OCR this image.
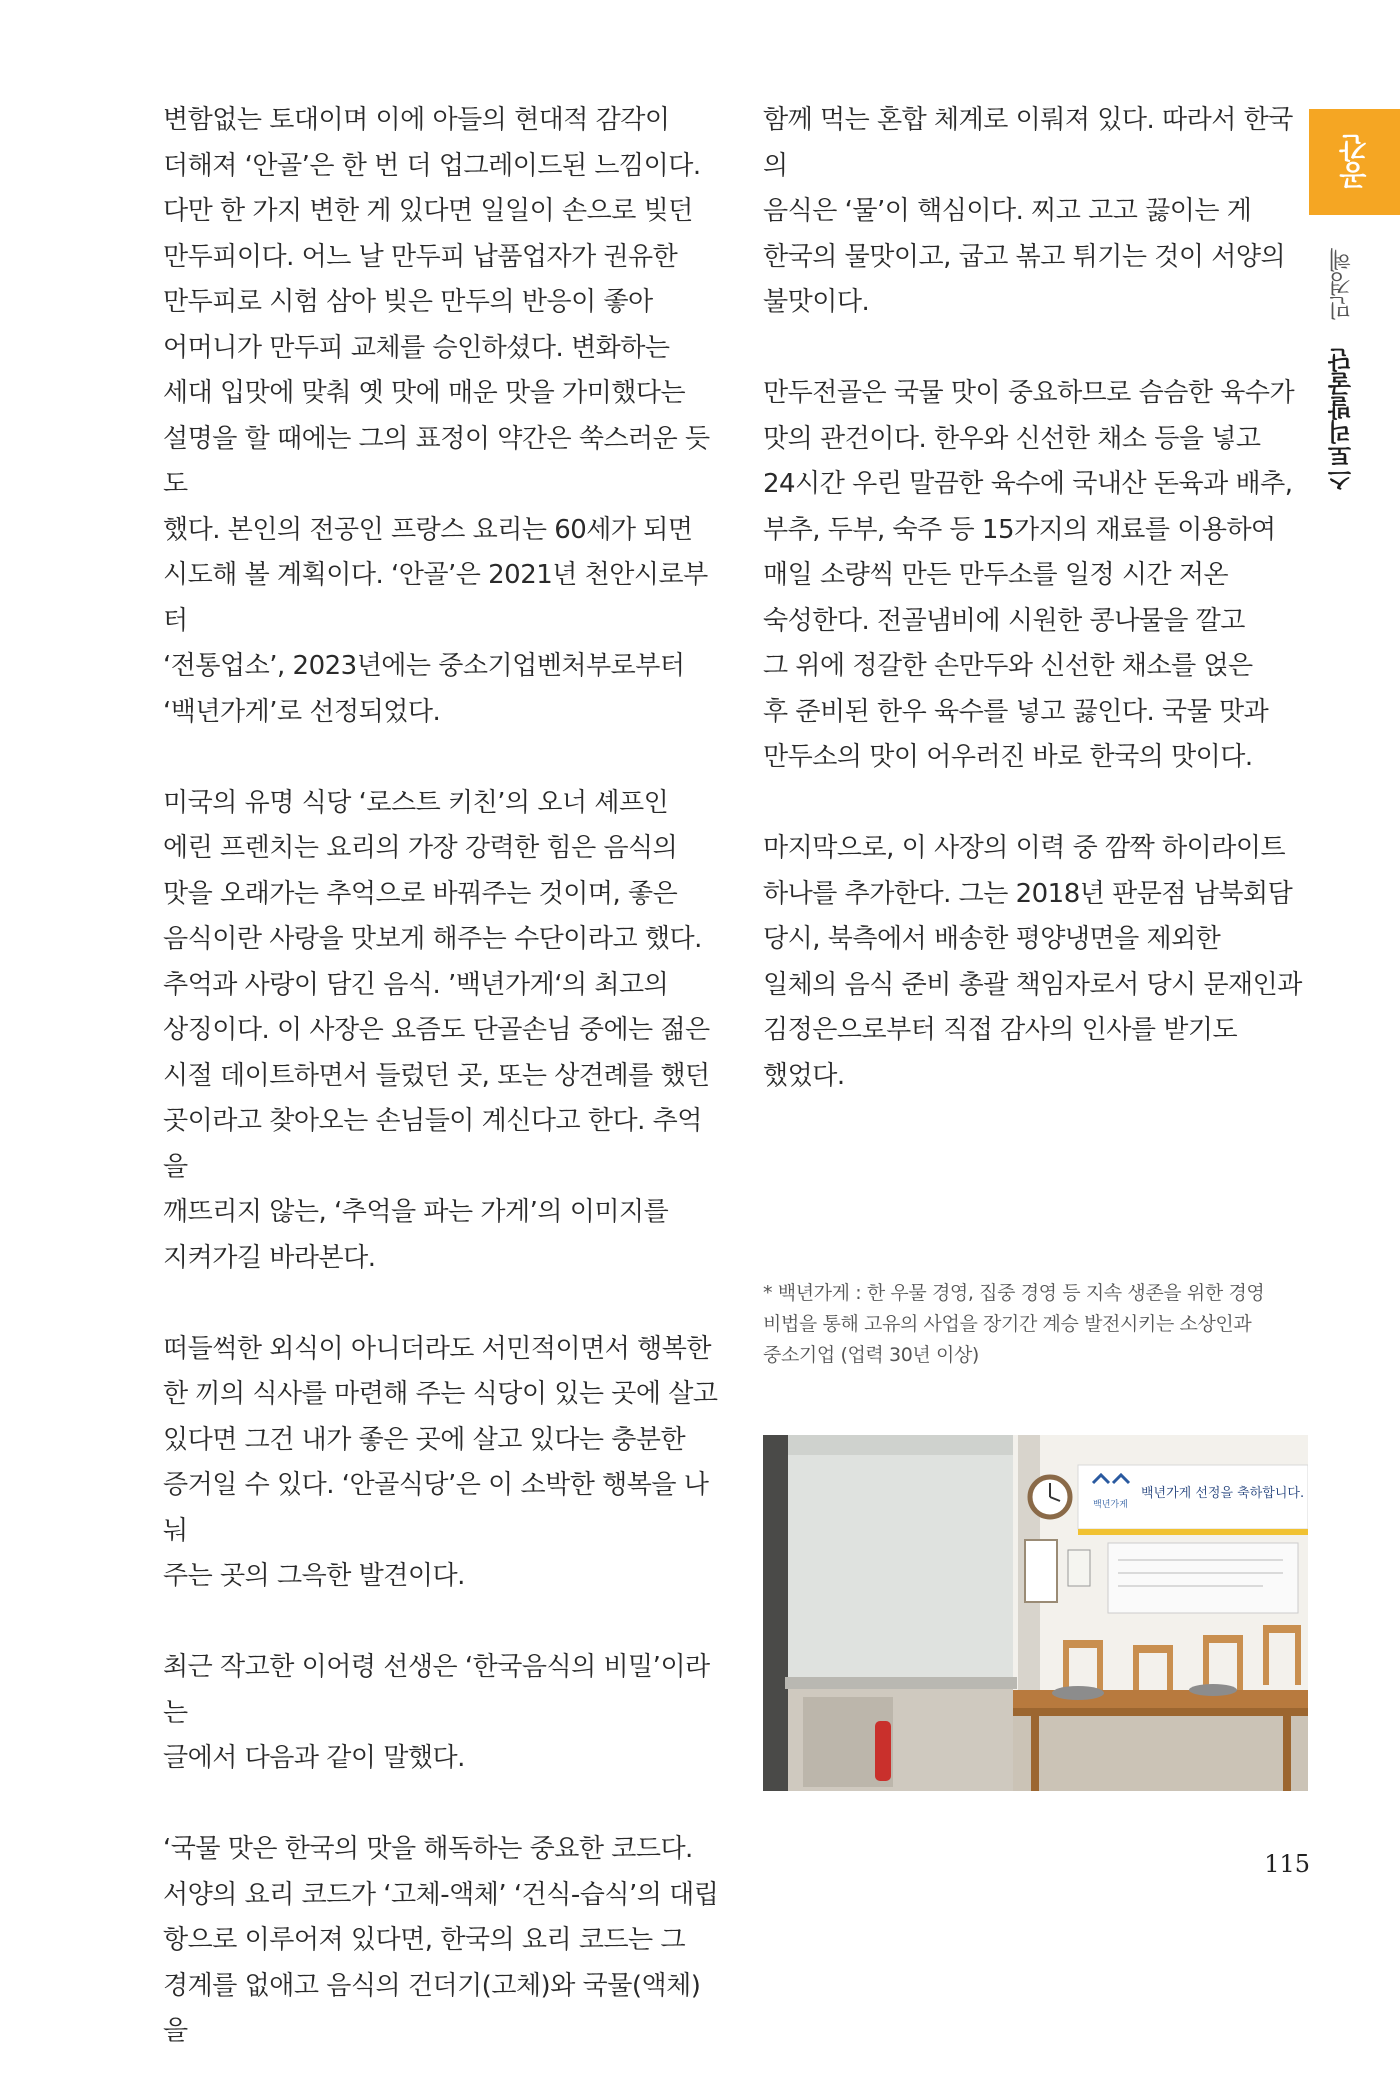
변함없는 토대이며 이에 아들의 현대적 감각이
더해져 ‘안골’은 한 번 더 업그레이드된 느낌이다.
다만 한 가지 변한 게 있다면 일일이 손으로 빚던
만두피이다. 어느 날 만두피 납품업자가 권유한
만두피로 시험 삼아 빚은 만두의 반응이 좋아
어머니가 만두피 교체를 승인하셨다. 변화하는
세대 입맛에 맞춰 옛 맛에 매운 맛을 가미했다는
설명을 할 때에는 그의 표정이 약간은 쑥스러운 듯도
했다. 본인의 전공인 프랑스 요리는 60세가 되면
시도해 볼 계획이다. ‘안골’은 2021년 천안시로부터
‘전통업소’, 2023년에는 중소기업벤처부로부터
‘백년가게’로 선정되었다.

미국의 유명 식당 ‘로스트 키친’의 오너 셰프인
에린 프렌치는 요리의 가장 강력한 힘은 음식의
맛을 오래가는 추억으로 바꿔주는 것이며, 좋은
음식이란 사랑을 맛보게 해주는 수단이라고 했다.
추억과 사랑이 담긴 음식. ’백년가게‘의 최고의
상징이다. 이 사장은 요즘도 단골손님 중에는 젊은
시절 데이트하면서 들렀던 곳, 또는 상견례를 했던
곳이라고 찾아오는 손님들이 계신다고 한다. 추억을
깨뜨리지 않는, ‘추억을 파는 가게’의 이미지를
지켜가길 바라본다.

떠들썩한 외식이 아니더라도 서민적이면서 행복한
한 끼의 식사를 마련해 주는 식당이 있는 곳에 살고
있다면 그건 내가 좋은 곳에 살고 있다는 충분한
증거일 수 있다. ‘안골식당’은 이 소박한 행복을 나눠
주는 곳의 그윽한 발견이다.

최근 작고한 이어령 선생은 ‘한국음식의 비밀’이라는
글에서 다음과 같이 말했다.

‘국물 맛은 한국의 맛을 해독하는 중요한 코드다.
서양의 요리 코드가 ‘고체-액체’ ‘건식-습식’의 대립
항으로 이루어져 있다면, 한국의 요리 코드는 그
경계를 없애고 음식의 건더기(고체)와 국물(액체)을

함께 먹는 혼합 체계로 이뤄져 있다. 따라서 한국의
음식은 ‘물’이 핵심이다. 찌고 고고 끓이는 게
한국의 물맛이고, 굽고 볶고 튀기는 것이 서양의
불맛이다.

만두전골은 국물 맛이 중요하므로 슴슴한 육수가
맛의 관건이다. 한우와 신선한 채소 등을 넣고
24시간 우린 말끔한 육수에 국내산 돈육과 배추,
부추, 두부, 숙주 등 15가지의 재료를 이용하여
매일 소량씩 만든 만두소를 일정 시간 저온
숙성한다. 전골냄비에 시원한 콩나물을 깔고
그 위에 정갈한 손만두와 신선한 채소를 얹은
후 준비된 한우 육수를 넣고 끓인다. 국물 맛과
만두소의 맛이 어우러진 바로 한국의 맛이다.

마지막으로, 이 사장의 이력 중 깜짝 하이라이트
하나를 추가한다. 그는 2018년 판문점 남북회담
당시, 북측에서 배송한 평양냉면을 제외한
일체의 음식 준비 총괄 책임자로서 당시 문재인과
김정은으로부터 직접 감사의 인사를 받기도
했었다.

* 백년가게 : 한 우물 경영, 집중 경영 등 지속 생존을 위한 경영
비법을 통해 고유의 사업을 장기간 계승 발전시키는 소상인과
중소기업 (업력 30년 이상)
공간
스토리발굴단 민경혜
백년가게
백년가게 선정을 축하합니다.
115
